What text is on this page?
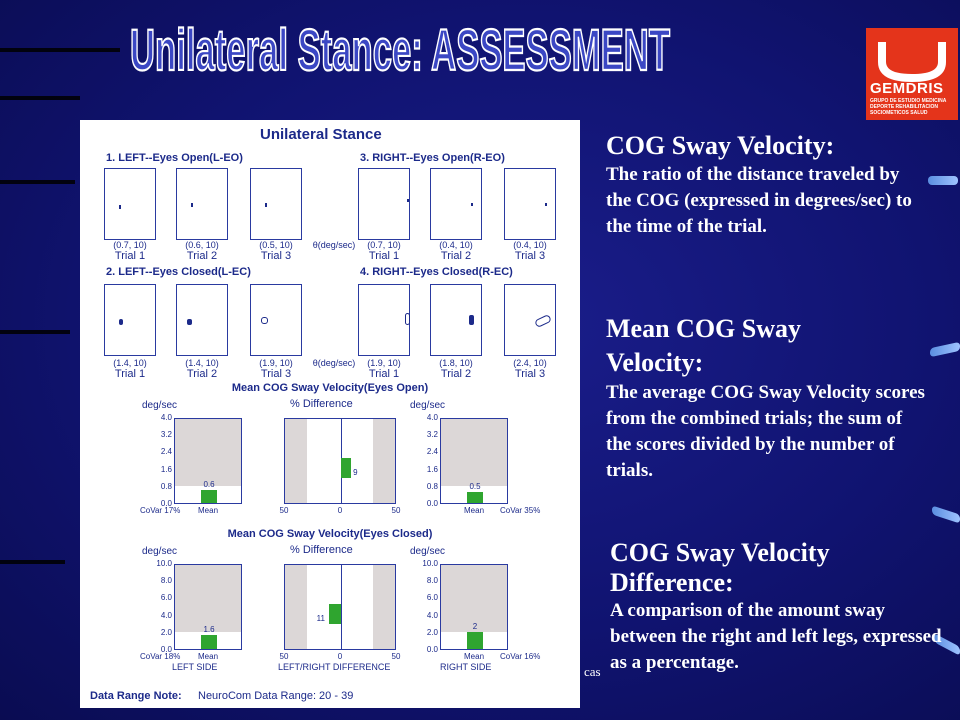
Unilateral Stance: ASSESSMENT
GEMDRIS
GRUPO DE ESTUDIO MEDICINA DEPORTE REHABILITACION SOCIOMETICOS SALUD
Unilateral Stance
1. LEFT--Eyes Open(L-EO)	3. RIGHT--Eyes Open(R-EO)
2. LEFT--Eyes Closed(L-EC)	4. RIGHT--Eyes Closed(R-EC)
(0.7, 10)
Trial 1
(0.6, 10)
Trial 2
(0.5, 10)
Trial 3
θ(deg/sec)	(0.7, 10)
Trial 1
(0.4, 10)
Trial 2
(0.4, 10)
Trial 3
(1.4, 10)
Trial 1
(1.4, 10)
Trial 2
(1.9, 10)
Trial 3
θ(deg/sec)	(1.9, 10)
Trial 1
(1.8, 10)
Trial 2
(2.4, 10)
Trial 3
Mean COG Sway Velocity(Eyes Open)
deg/sec	deg/sec
% Difference
0.6
4.0
3.2
2.4
1.6
0.8
0.0
Mean
CoVar 17%
0.5
4.0
3.2
2.4
1.6
0.8
0.0
Mean CoVar 35%
9
50	0	50
Mean COG Sway Velocity(Eyes Closed)
deg/sec	deg/sec
% Difference
1.6
10.0
8.0
6.0
4.0
2.0
0.0
Mean
CoVar 18%
2
10.0
8.0
6.0
4.0
2.0
0.0
Mean CoVar 16%
11
50	0	50
LEFT SIDE	LEFT/RIGHT DIFFERENCE	RIGHT SIDE
Data Range Note: NeuroCom Data Range: 20 - 39
cas
COG Sway Velocity:
The ratio of the distance traveled by the COG (expressed in degrees/sec) to the time of the trial.
Mean COG Sway Velocity:
The average COG Sway Velocity scores from the combined trials; the sum of the scores divided by the number of trials.
COG Sway Velocity Difference:
A comparison of the amount sway between the right and left legs, expressed as a percentage.
